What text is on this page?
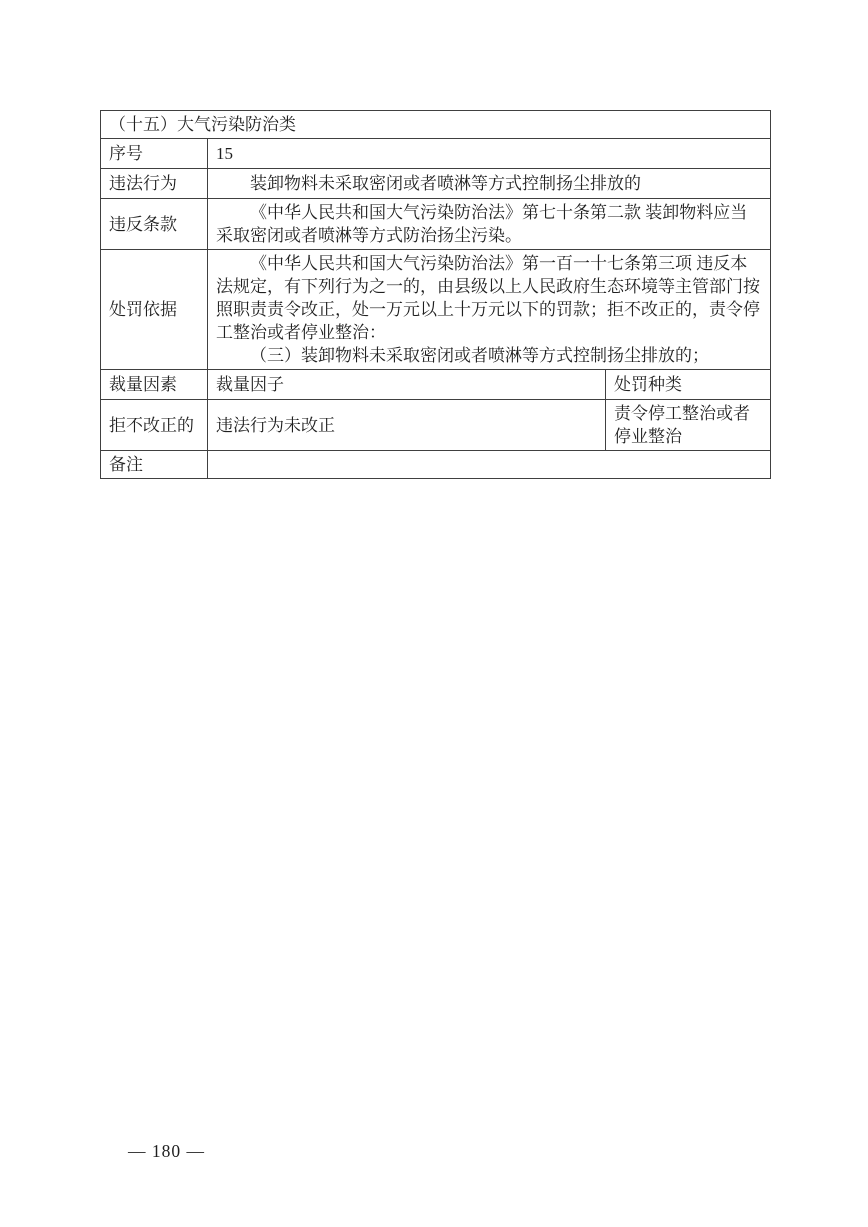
（十五）大气污染防治类		
序号	15	
违法行为	装卸物料未采取密闭或者喷淋等方式控制扬尘排放的	
违反条款	《中华人民共和国大气污染防治法》第七十条第二款 装卸物料应当采取密闭或者喷淋等方式防治扬尘污染。	
处罚依据	《中华人民共和国大气污染防治法》第一百一十七条第三项 违反本法规定，有下列行为之一的，由县级以上人民政府生态环境等主管部门按照职责责令改正，处一万元以上十万元以下的罚款；拒不改正的，责令停工整治或者停业整治：
（三）装卸物料未采取密闭或者喷淋等方式控制扬尘排放的；	

裁量因素	裁量因子	处罚种类
拒不改正的	违法行为未改正	责令停工整治或者停业整治
备注		
— 180 —
